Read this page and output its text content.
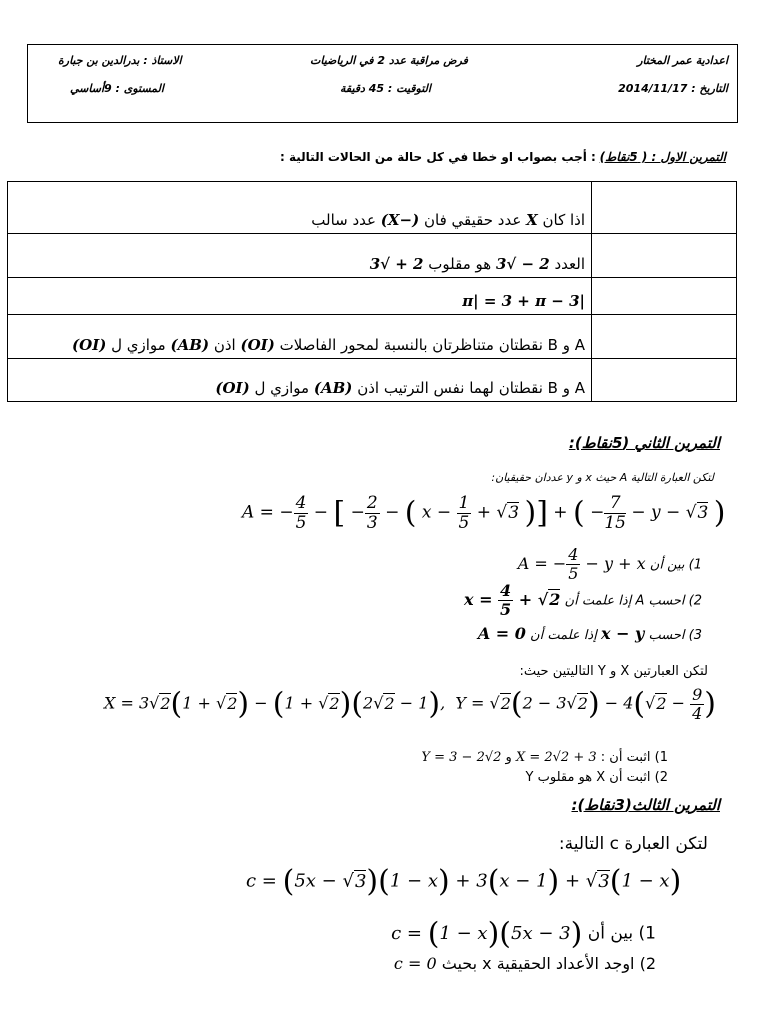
اعدادية عمر المختار
التاريخ : 2014/11/17
فرض مراقبة عدد 2 في الرياضيات
التوقيت : 45 دقيقة
الاستاذ : بدرالدين بن جبارة
المستوى : 9أساسي
التمرين الاول : ( 5نقاط) : أجب بصواب او خطا في كل حالة من الحالات التالية :
اذا كان X عدد حقيقي فان (−X) عدد سالب	
العدد 2 − √3 هو مقلوب 2 + √3	
|3 − π| = 3 + π	
A و B نقطتان متناظرتان بالنسبة لمحور الفاصلات (OI) اذن (AB) موازي ل (OI)	
A و B نقطتان لهما نفس الترتيب اذن (AB) موازي ل (OI)	
التمرين الثاني (5نقاط):
لتكن العبارة التالية A حيث x و y عددان حقيقيان:
A = − $\frac{4}{5}$ − [ − $\frac{2}{3}$ − ( $x - \frac{1}{5} + √3$ )] + ( − $\frac{7}{15} - y - √3$ )
1) بين أن A = − $\frac{4}{5} - y + x$
2) احسب A إذا علمت أن $x = \frac{4}{5} + √2$
3) احسب x − y إذا علمت أن A = 0
لتكن العبارتين X و Y التاليتين حيث:
X = 3√2(1 + √2) − (1 + √2)(2√2 − 1),  $Y = √2(2 - 3√2) - 4(√2 - \frac{9}{4}$ )
1) اثبت أن : X = 2√2 + 3 و Y = 3 − 2√2
2) اثبت أن X هو مقلوب Y
التمرين الثالث(3نقاط):
لتكن العبارة c التالية:
c = (5x − √3)(1 − x) + 3(x − 1) + √3(1 − x)
1) بين أن c = (1 − x)(5x − 3)
2) اوجد الأعداد الحقيقية x بحيث c = 0
